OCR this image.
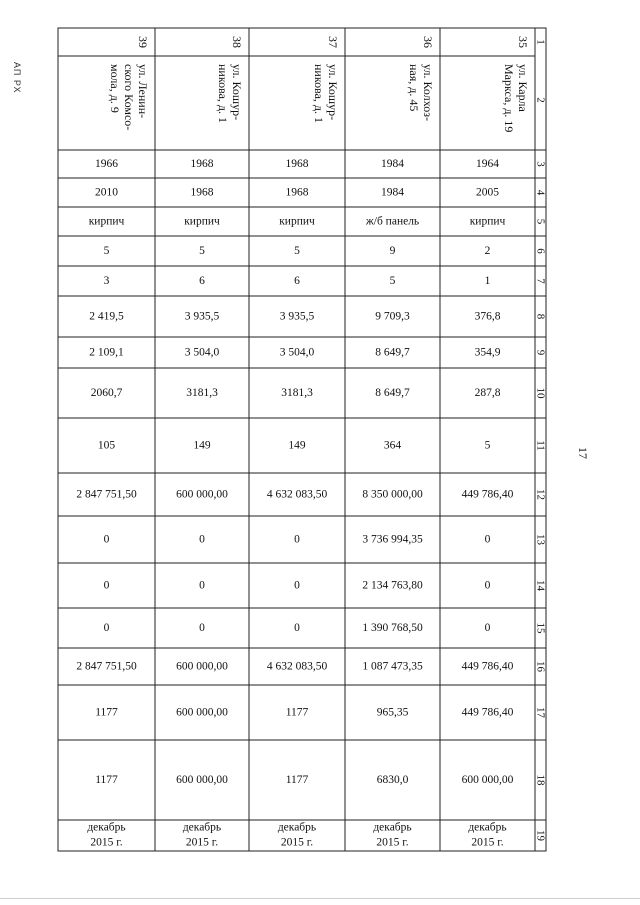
АП РХ
17
1
2
3
4
5
6
7
8
9
10
11
12
13
14
15
16
17
18
19
35
ул. Карла
Маркса, д. 19
1964
2005
кирпич
2
1
376,8
354,9
287,8
5
449 786,40
0
0
0
449 786,40
449 786,40
600 000,00
декабрь
2015 г.
36
ул. Колхоз-
ная, д. 45
1984
1984
ж/б панель
9
5
9 709,3
8 649,7
8 649,7
364
8 350 000,00
3 736 994,35
2 134 763,80
1 390 768,50
1 087 473,35
965,35
6830,0
декабрь
2015 г.
37
ул. Кошур-
никова, д. 1
1968
1968
кирпич
5
6
3 935,5
3 504,0
3181,3
149
4 632 083,50
0
0
0
4 632 083,50
1177
1177
декабрь
2015 г.
38
ул. Кошур-
никова, д. 1
1968
1968
кирпич
5
6
3 935,5
3 504,0
3181,3
149
600 000,00
0
0
0
600 000,00
600 000,00
600 000,00
декабрь
2015 г.
39
ул. Ленин-
ского Комсо-
мола, д. 9
1966
2010
кирпич
5
3
2 419,5
2 109,1
2060,7
105
2 847 751,50
0
0
0
2 847 751,50
1177
1177
декабрь
2015 г.
